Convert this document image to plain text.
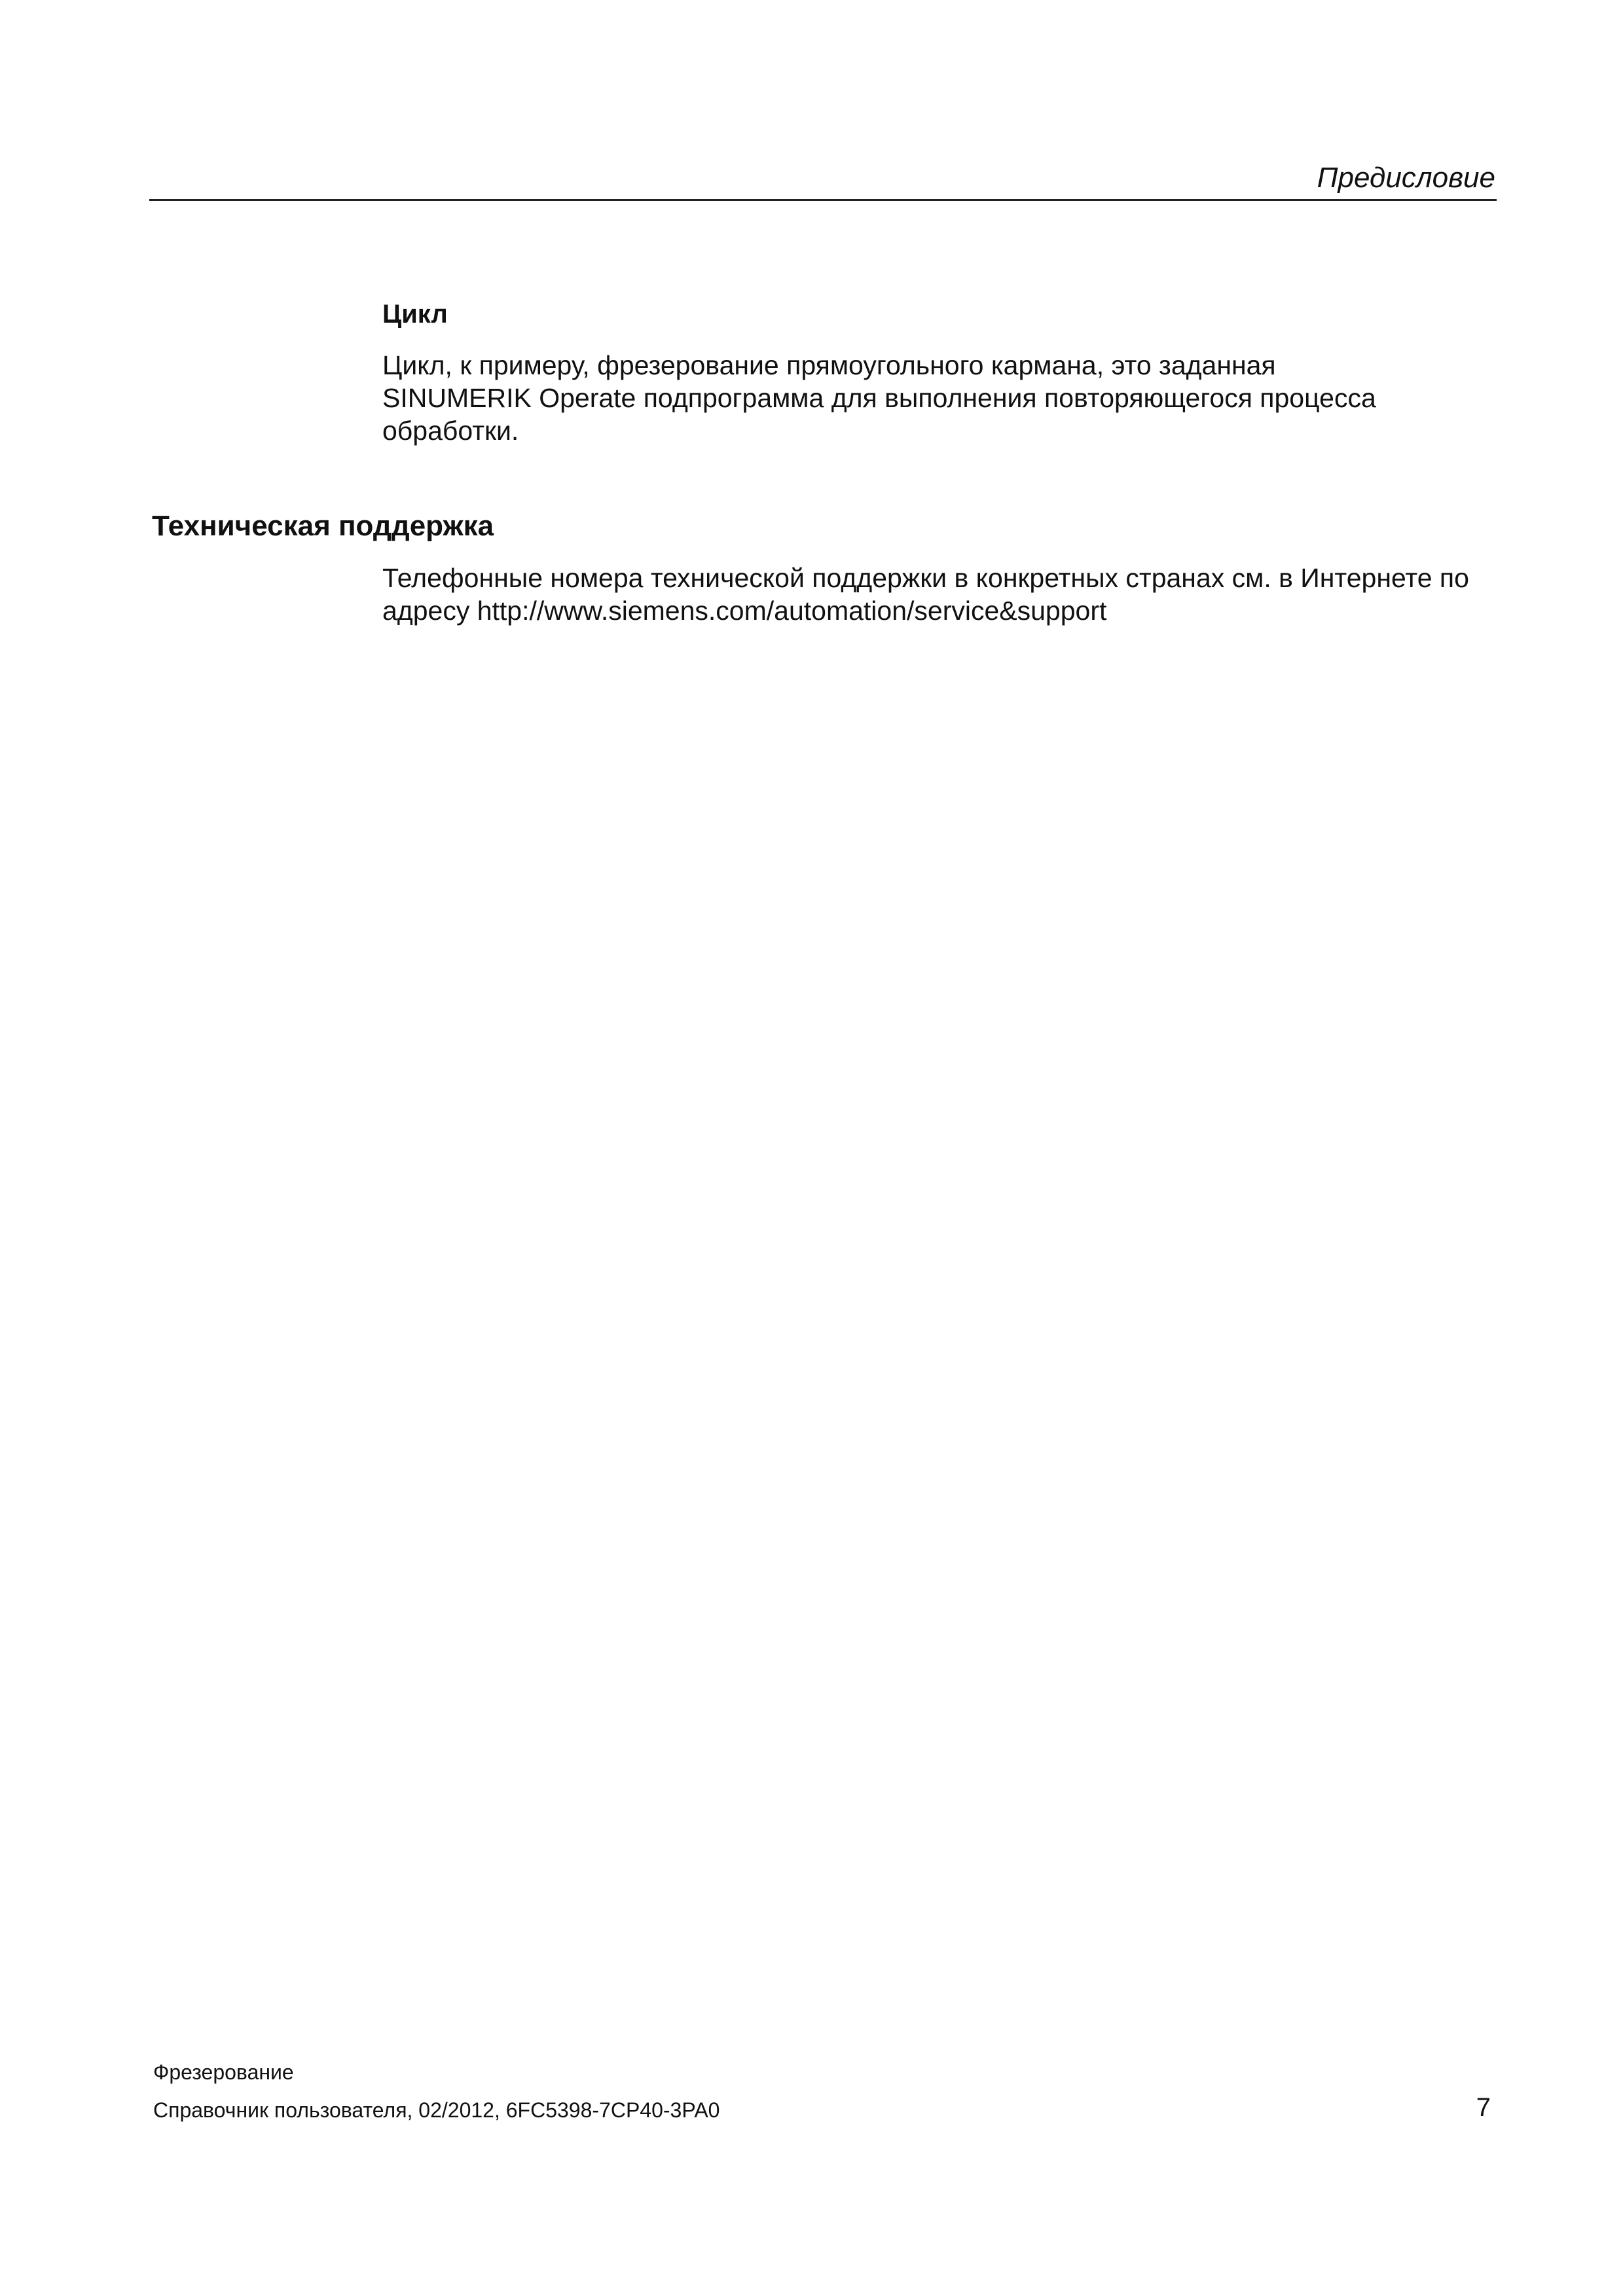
Предисловие
Цикл
Цикл, к примеру, фрезерование прямоугольного кармана, это заданная
SINUMERIK Operate подпрограмма для выполнения повторяющегося процесса
обработки.
Техническая поддержка
Телефонные номера технической поддержки в конкретных странах см. в Интернете по
адресу http://www.siemens.com/automation/service&support
Фрезерование
Справочник пользователя, 02/2012, 6FC5398-7CP40-3PA0	7
